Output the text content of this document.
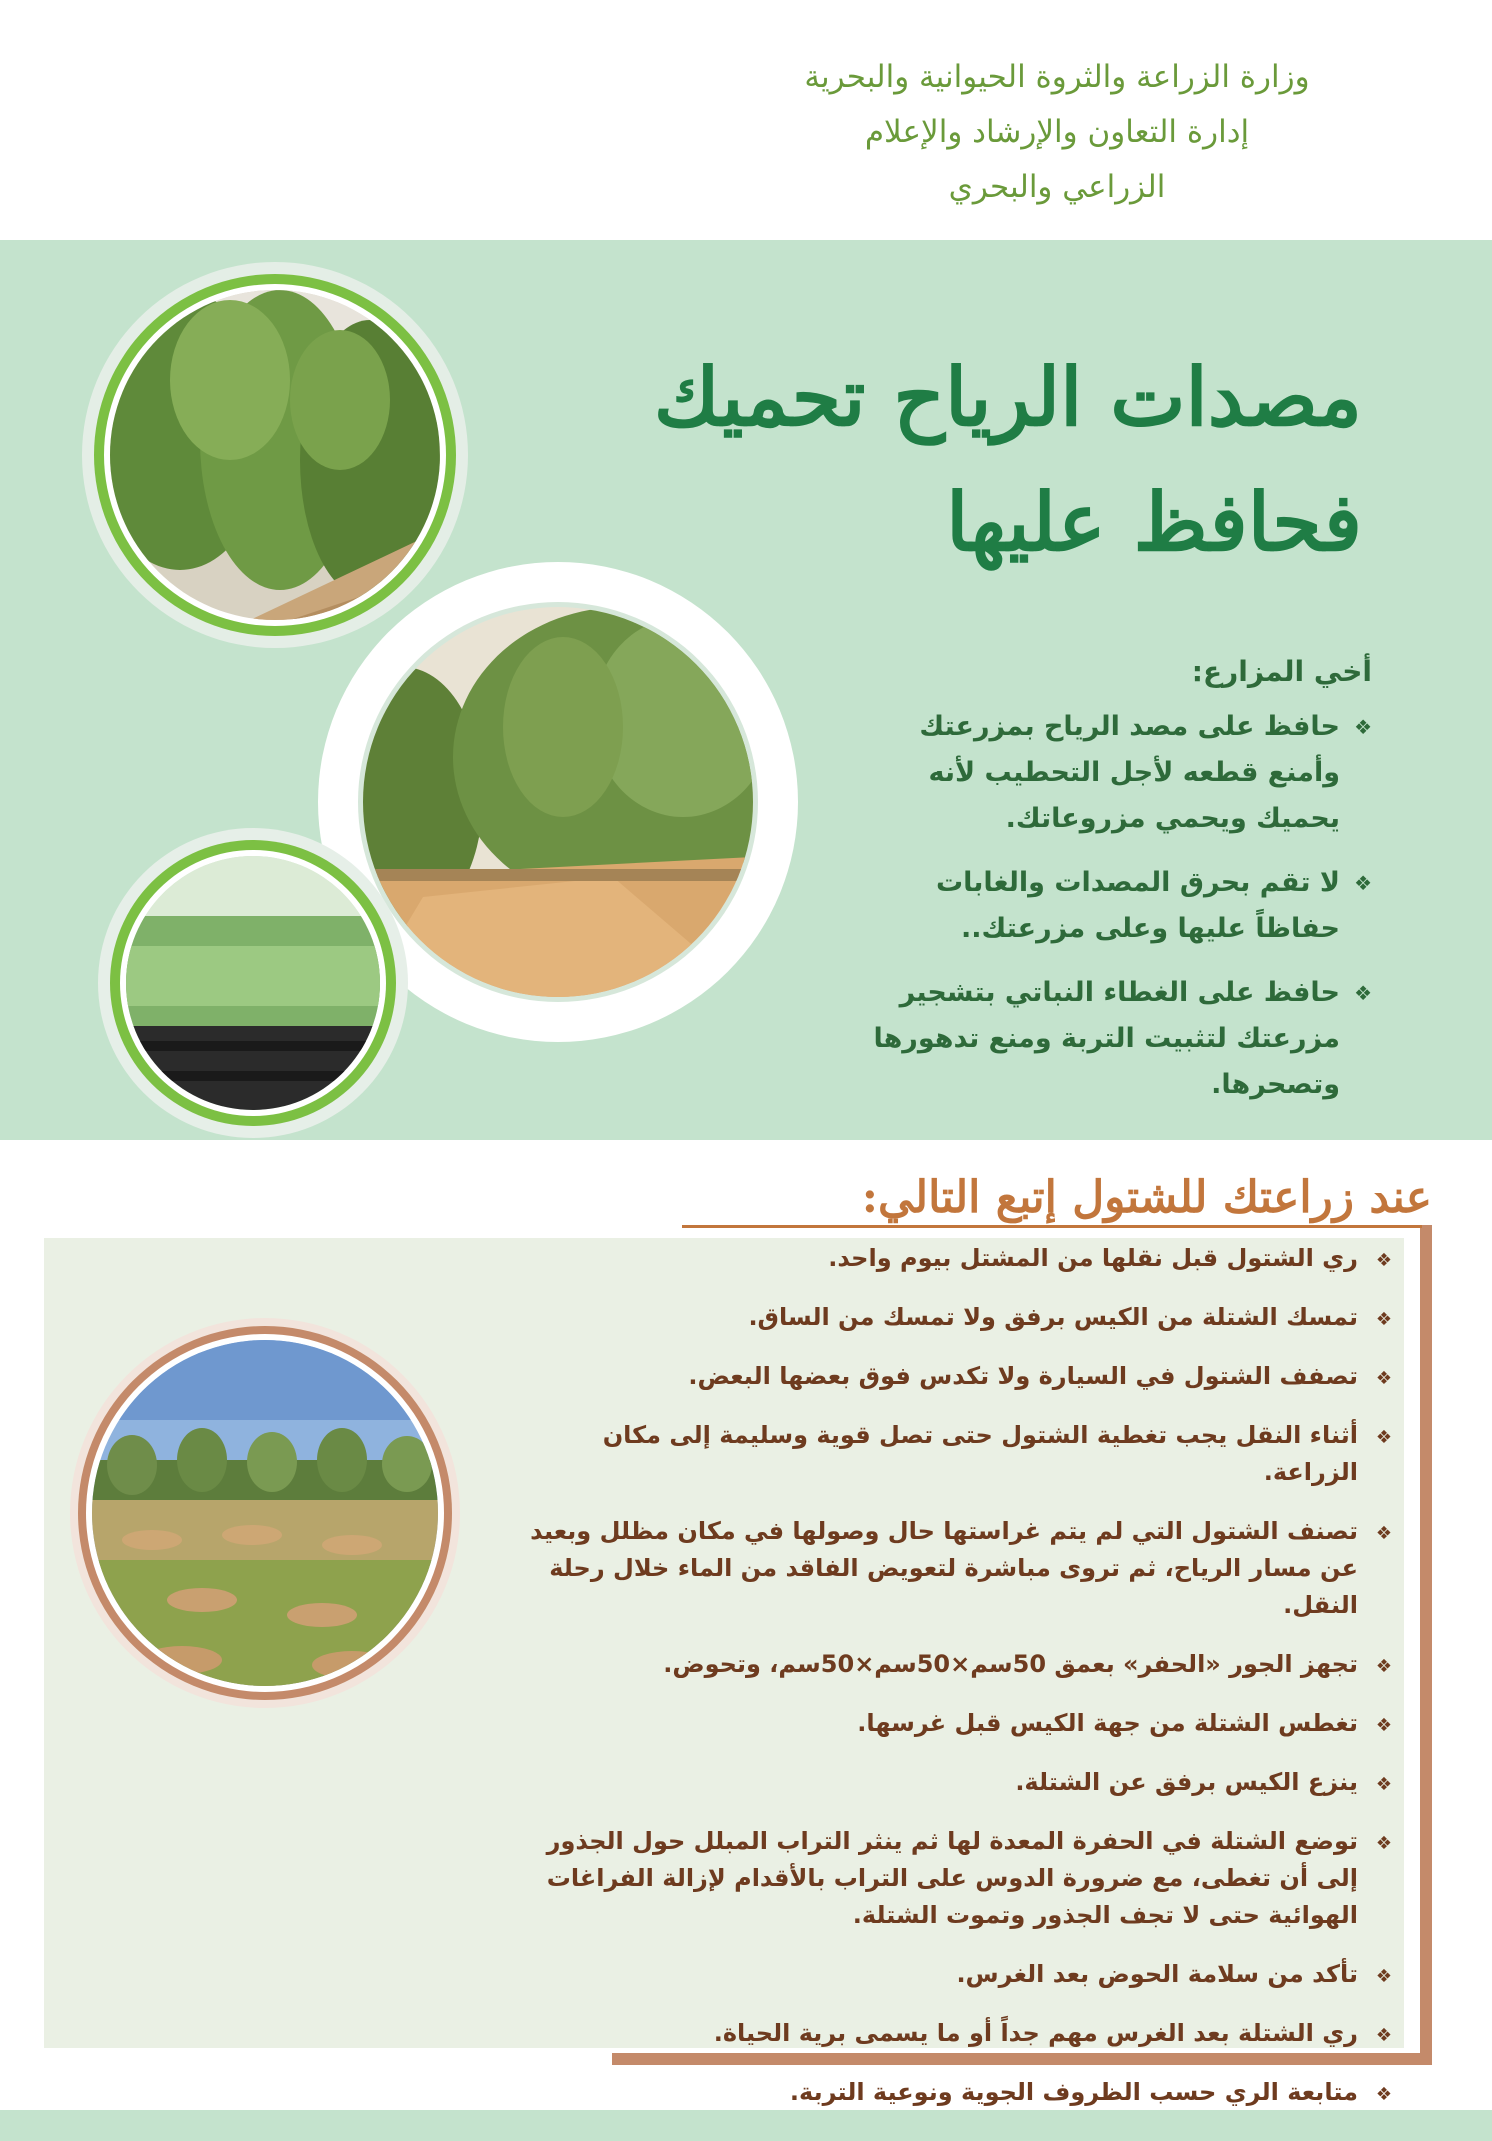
وزارة الزراعة والثروة الحيوانية والبحرية
إدارة التعاون والإرشاد والإعلام
الزراعي والبحري
مصدات الرياح تحميك
فحافظ عليها
أخي المزارع:
❖
حافظ على مصد الرياح بمزرعتك وأمنع قطعه لأجل التحطيب لأنه يحميك ويحمي مزروعاتك.
❖
لا تقم بحرق المصدات والغابات حفاظاً عليها وعلى مزرعتك..
❖
حافظ على الغطاء النباتي بتشجير مزرعتك لتثبيت التربة ومنع تدهورها وتصحرها.
عند زراعتك للشتول إتبع التالي:
❖
ري الشتول قبل نقلها من المشتل بيوم واحد.
❖
تمسك الشتلة من الكيس برفق ولا تمسك من الساق.
❖
تصفف الشتول في السيارة ولا تكدس فوق بعضها البعض.
❖
أثناء النقل يجب تغطية الشتول حتى تصل قوية وسليمة إلى مكان الزراعة.
❖
تصنف الشتول التي لم يتم غراستها حال وصولها في مكان مظلل وبعيد عن مسار الرياح، ثم تروى مباشرة لتعويض الفاقد من الماء خلال رحلة النقل.
❖
تجهز الجور «الحفر» بعمق 50سم×50سم×50سم، وتحوض.
❖
تغطس الشتلة من جهة الكيس قبل غرسها.
❖
ينزع الكيس برفق عن الشتلة.
❖
توضع الشتلة في الحفرة المعدة لها ثم ينثر التراب المبلل حول الجذور إلى أن تغطى، مع ضرورة الدوس على التراب بالأقدام لإزالة الفراغات الهوائية حتى لا تجف الجذور وتموت الشتلة.
❖
تأكد من سلامة الحوض بعد الغرس.
❖
ري الشتلة بعد الغرس مهم جداً أو ما يسمى برية الحياة.
❖
متابعة الري حسب الظروف الجوية ونوعية التربة.
